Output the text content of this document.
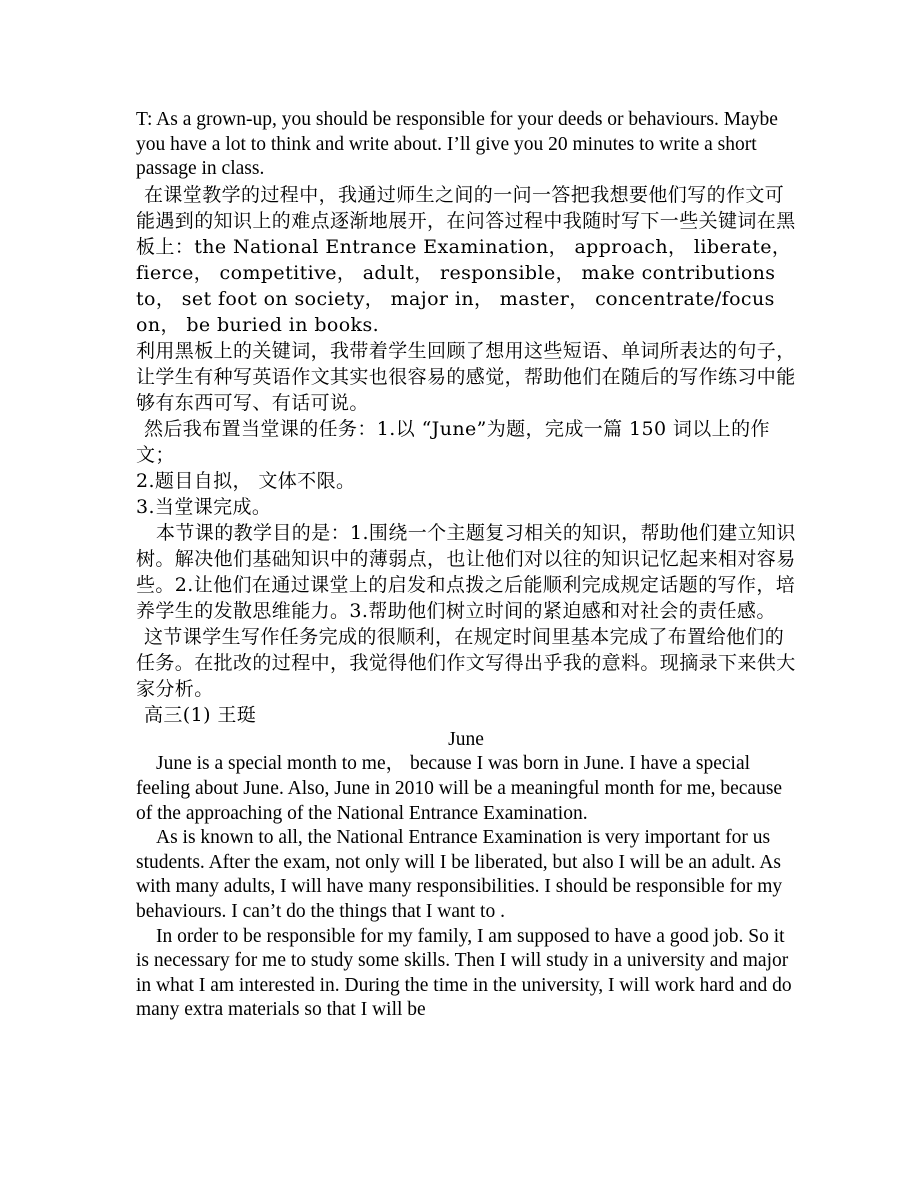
T: As a grown-up, you should be responsible for your deeds or behaviours. Maybe you have a lot to think and write about. I’ll give you 20 minutes to write a short passage in class.

在课堂教学的过程中，我通过师生之间的一问一答把我想要他们写的作文可能遇到的知识上的难点逐渐地展开，在问答过程中我随时写下一些关键词在黑板上：the National Entrance Examination， approach， liberate，fierce， competitive， adult， responsible， make contributions to， set foot on society， major in， master， concentrate/focus on， be buried in books.

利用黑板上的关键词，我带着学生回顾了想用这些短语、单词所表达的句子，让学生有种写英语作文其实也很容易的感觉，帮助他们在随后的写作练习中能够有东西可写、有话可说。

然后我布置当堂课的任务：1.以 “June”为题，完成一篇 150 词以上的作文；

2.题目自拟， 文体不限。

3.当堂课完成。

本节课的教学目的是：1.围绕一个主题复习相关的知识，帮助他们建立知识树。解决他们基础知识中的薄弱点，也让他们对以往的知识记忆起来相对容易些。2.让他们在通过课堂上的启发和点拨之后能顺利完成规定话题的写作，培养学生的发散思维能力。3.帮助他们树立时间的紧迫感和对社会的责任感。

这节课学生写作任务完成的很顺利，在规定时间里基本完成了布置给他们的任务。在批改的过程中，我觉得他们作文写得出乎我的意料。现摘录下来供大家分析。

高三(1) 王珽

June

June is a special month to me， because I was born in June. I have a special feeling about June. Also, June in 2010 will be a meaningful month for me, because of the approaching of the National Entrance Examination.

As is known to all, the National Entrance Examination is very important for us students. After the exam, not only will I be liberated, but also I will be an adult. As with many adults, I will have many responsibilities. I should be responsible for my behaviours. I can’t do the things that I want to .

In order to be responsible for my family, I am supposed to have a good job. So it is necessary for me to study some skills. Then I will study in a university and major in what I am interested in. During the time in the university, I will work hard and do many extra materials so that I will be
